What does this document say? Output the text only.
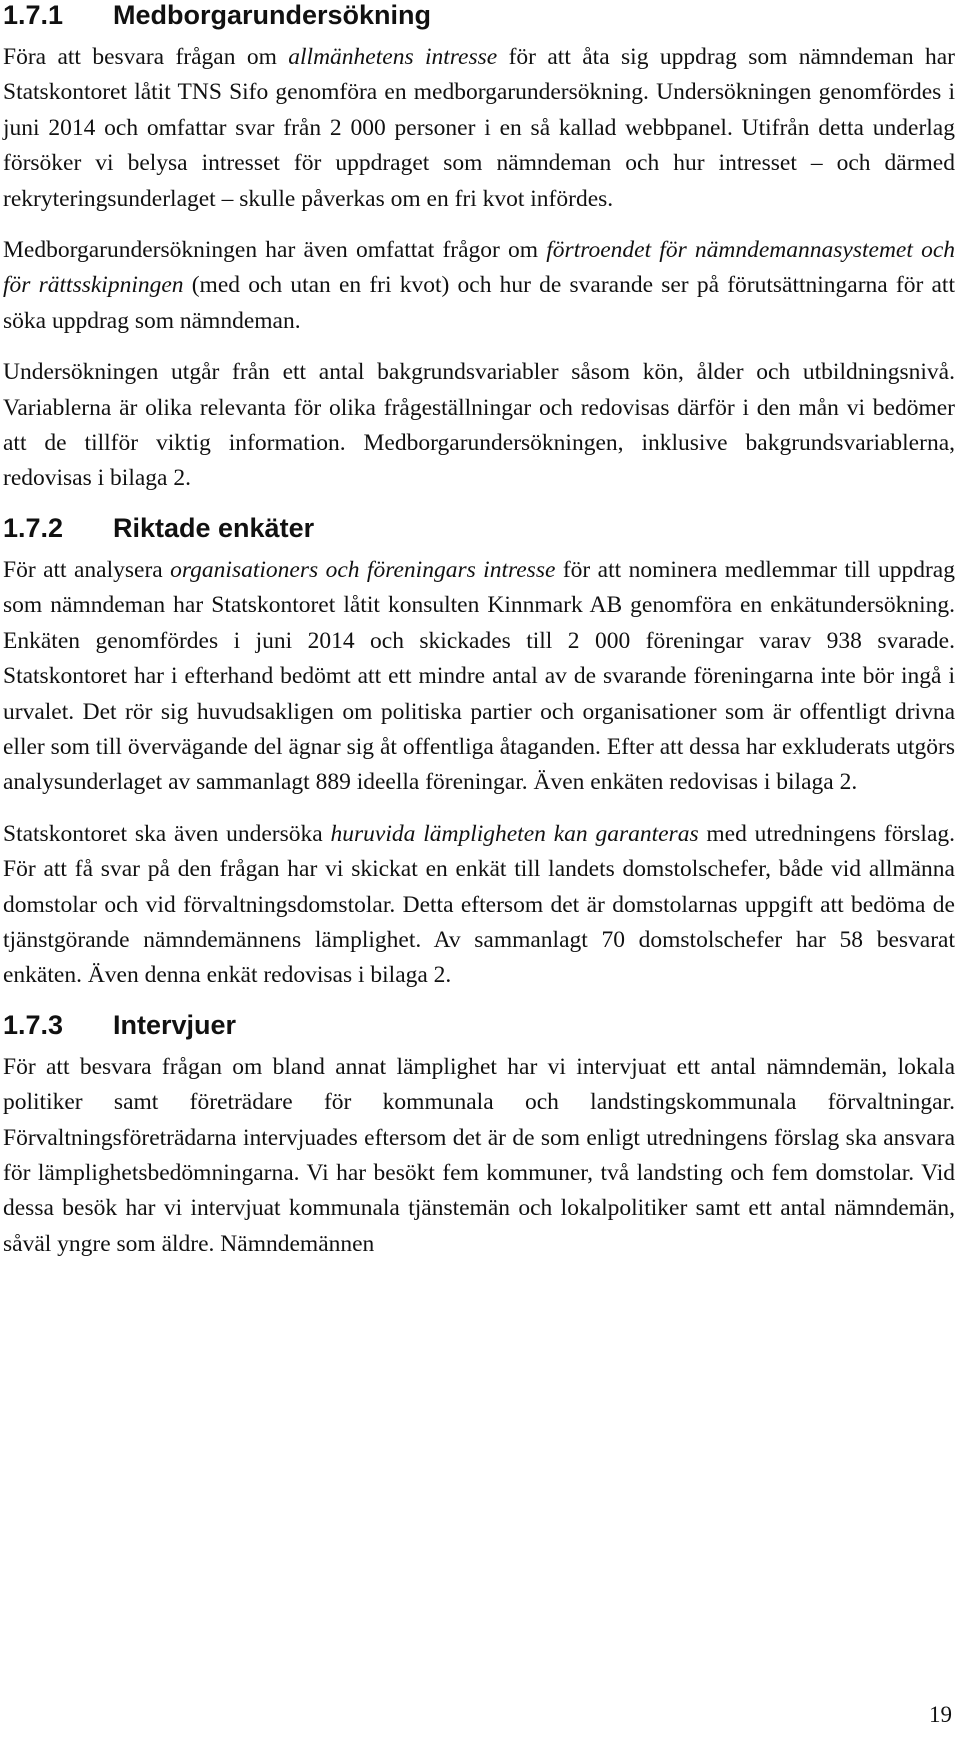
1.7.1	Medborgarundersökning

Föra att besvara frågan om allmänhetens intresse för att åta sig uppdrag som nämndeman har Statskontoret låtit TNS Sifo genomföra en medborgarundersökning. Undersökningen genomfördes i juni 2014 och omfattar svar från 2 000 personer i en så kallad webbpanel. Utifrån detta underlag försöker vi belysa intresset för uppdraget som nämndeman och hur intresset – och därmed rekryteringsunderlaget – skulle påverkas om en fri kvot infördes.

Medborgarundersökningen har även omfattat frågor om förtroendet för nämndemannasystemet och för rättsskipningen (med och utan en fri kvot) och hur de svarande ser på förutsättningarna för att söka uppdrag som nämndeman.

Undersökningen utgår från ett antal bakgrundsvariabler såsom kön, ålder och utbildningsnivå. Variablerna är olika relevanta för olika frågeställningar och redovisas därför i den mån vi bedömer att de tillför viktig information. Medborgarundersökningen, inklusive bakgrundsvariablerna, redovisas i bilaga 2.

1.7.2	Riktade enkäter

För att analysera organisationers och föreningars intresse för att nominera medlemmar till uppdrag som nämndeman har Statskontoret låtit konsulten Kinnmark AB genomföra en enkätundersökning. Enkäten genomfördes i juni 2014 och skickades till 2 000 föreningar varav 938 svarade. Statskontoret har i efterhand bedömt att ett mindre antal av de svarande föreningarna inte bör ingå i urvalet. Det rör sig huvudsakligen om politiska partier och organisationer som är offentligt drivna eller som till övervägande del ägnar sig åt offentliga åtaganden. Efter att dessa har exkluderats utgörs analysunderlaget av sammanlagt 889 ideella föreningar. Även enkäten redovisas i bilaga 2.

Statskontoret ska även undersöka huruvida lämpligheten kan garanteras med utredningens förslag. För att få svar på den frågan har vi skickat en enkät till landets domstolschefer, både vid allmänna domstolar och vid förvaltningsdomstolar. Detta eftersom det är domstolarnas uppgift att bedöma de tjänstgörande nämndemännens lämplighet. Av sammanlagt 70 domstolschefer har 58 besvarat enkäten. Även denna enkät redovisas i bilaga 2.

1.7.3	Intervjuer

För att besvara frågan om bland annat lämplighet har vi intervjuat ett antal nämndemän, lokala politiker samt företrädare för kommunala och landstingskommunala förvaltningar. Förvaltningsföreträdarna intervjuades eftersom det är de som enligt utredningens förslag ska ansvara för lämplighetsbedömningarna. Vi har besökt fem kommuner, två landsting och fem domstolar. Vid dessa besök har vi intervjuat kommunala tjänstemän och lokalpolitiker samt ett antal nämndemän, såväl yngre som äldre. Nämndemännen

19
